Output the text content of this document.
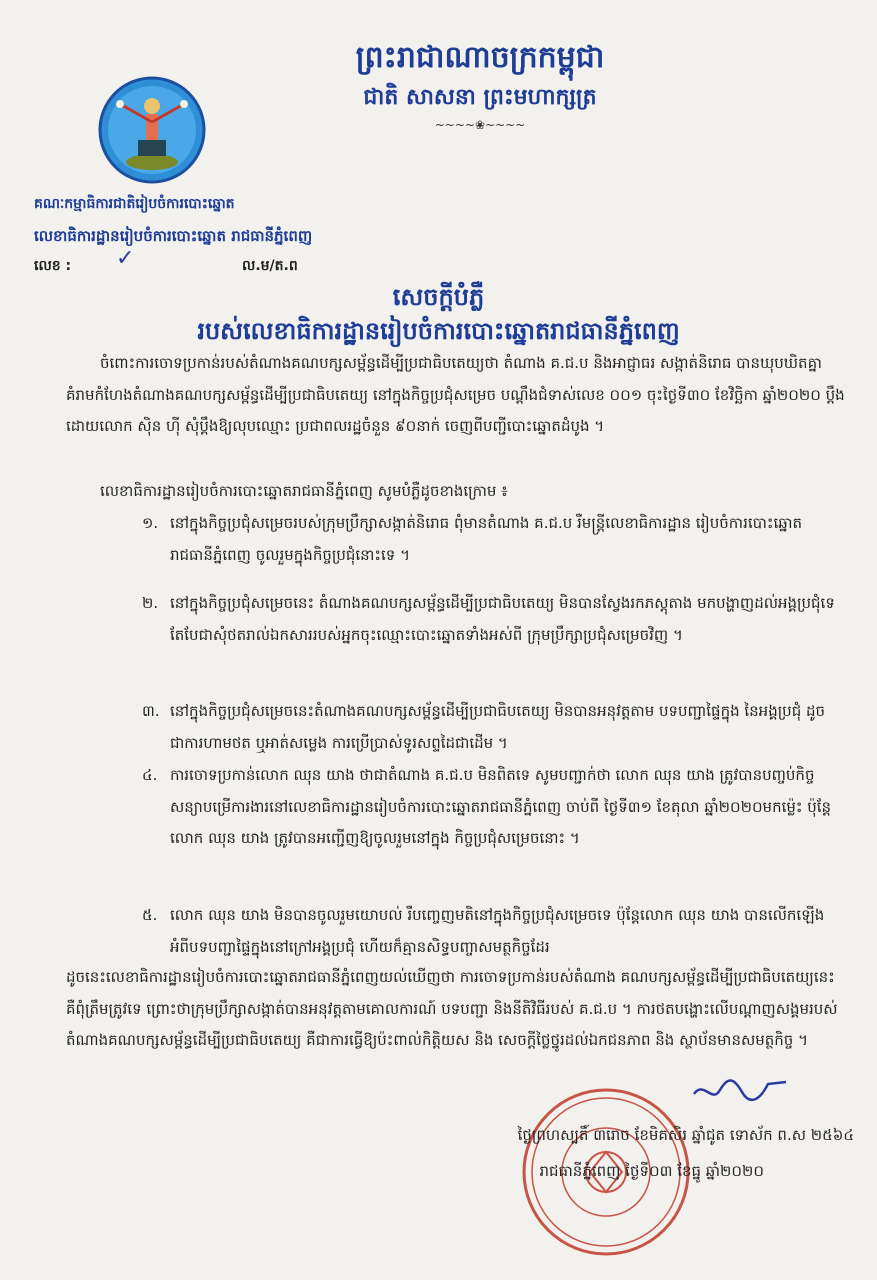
ព្រះរាជាណាចក្រកម្ពុជា
ជាតិ សាសនា ព្រះមហាក្សត្រ
~~~~❀~~~~
គណៈកម្មាធិការជាតិរៀបចំការបោះឆ្នោត
លេខាធិការដ្ឋានរៀបចំការបោះឆ្នោត រាជធានីភ្នំពេញ
លេខ : ✓	ល.ម/ត.ព
សេចក្តីបំភ្លឺ
របស់លេខាធិការដ្ឋានរៀបចំការបោះឆ្នោតរាជធានីភ្នំពេញ
ចំពោះការចោទប្រកាន់របស់តំណាងគណបក្សសម្ព័ន្ធដើម្បីប្រជាធិបតេយ្យថា តំណាង គ.ជ.ប និងអាជ្ញាធរ សង្កាត់និរោធ បានឃុបឃិតគ្នាគំរាមកំហែងតំណាងគណបក្សសម្ព័ន្ធដើម្បីប្រជាធិបតេយ្យ នៅក្នុងកិច្ចប្រជុំសម្រេច បណ្តឹងជំទាស់លេខ ០០១ ចុះថ្ងៃទី៣០ ខែវិច្ឆិកា ឆ្នាំ២០២០ ប្តឹងដោយលោក ស៊ិន ហ៊ី សុំប្តឹងឱ្យលុបឈ្មោះ ប្រជាពលរដ្ឋចំនួន ៩០នាក់ ចេញពីបញ្ជីបោះឆ្នោតដំបូង ។
លេខាធិការដ្ឋានរៀបចំការបោះឆ្នោតរាជធានីភ្នំពេញ សូមបំភ្លឺដូចខាងក្រោម ៖
១. នៅក្នុងកិច្ចប្រជុំសម្រេចរបស់ក្រុមប្រឹក្សាសង្កាត់និរោធ ពុំមានតំណាង គ.ជ.ប រឺមន្ត្រីលេខាធិការដ្ឋាន រៀបចំការបោះឆ្នោតរាជធានីភ្នំពេញ ចូលរួមក្នុងកិច្ចប្រជុំនោះទេ ។
២. នៅក្នុងកិច្ចប្រជុំសម្រេចនេះ តំណាងគណបក្សសម្ព័ន្ធដើម្បីប្រជាធិបតេយ្យ មិនបានស្វែងរកភស្តុតាង មកបង្ហាញដល់អង្គប្រជុំទេ តែបែជាសុំថតរាល់ឯកសាររបស់អ្នកចុះឈ្មោះបោះឆ្នោតទាំងអស់ពី ក្រុមប្រឹក្សាប្រជុំសម្រេចវិញ ។
៣. នៅក្នុងកិច្ចប្រជុំសម្រេចនេះតំណាងគណបក្សសម្ព័ន្ធដើម្បីប្រជាធិបតេយ្យ មិនបានអនុវត្តតាម បទបញ្ជាផ្ទៃក្នុង នៃអង្គប្រជុំ ដូចជាការហាមថត ឬអាត់សម្លេង ការប្រើប្រាស់ទូរសព្ទដៃជាដើម ។
៤. ការចោទប្រកាន់លោក ឈុន យាង ថាជាតំណាង គ.ជ.ប មិនពិតទេ សូមបញ្ជាក់ថា លោក ឈុន យាង ត្រូវបានបញ្ចប់កិច្ចសន្យាបម្រើការងារនៅលេខាធិការដ្ឋានរៀបចំការបោះឆ្នោតរាជធានីភ្នំពេញ ចាប់ពី ថ្ងៃទី៣១ ខែតុលា ឆ្នាំ២០២០មកម្ល៉េះ ប៉ុន្តែលោក ឈុន យាង ត្រូវបានអញ្ជើញឱ្យចូលរួមនៅក្នុង កិច្ចប្រជុំសម្រេចនោះ ។
៥. លោក ឈុន យាង មិនបានចូលរួមយោបល់ រឺបញ្ចេញមតិនៅក្នុងកិច្ចប្រជុំសម្រេចទេ ប៉ុន្តែលោក ឈុន យាង បានលើកឡើងអំពីបទបញ្ជាផ្ទៃក្នុងនៅក្រៅអង្គប្រជុំ ហើយក៏គ្មានសិទ្ធបញ្ចាសមត្ថកិច្ចដែរ
ដូចនេះលេខាធិការដ្ឋានរៀបចំការបោះឆ្នោតរាជធានីភ្នំពេញយល់ឃើញថា ការចោទប្រកាន់របស់តំណាង គណបក្សសម្ព័ន្ធដើម្បីប្រជាធិបតេយ្យនេះ គឺពុំត្រឹមត្រូវទេ ព្រោះថាក្រុមប្រឹក្សាសង្កាត់បានអនុវត្តតាមគោលការណ៍ បទបញ្ជា និងនីតិវិធីរបស់ គ.ជ.ប ។ ការថតបង្ហោះលើបណ្តាញសង្គមរបស់តំណាងគណបក្សសម្ព័ន្ធដើម្បីប្រជាធិបតេយ្យ គឺជាការធ្វើឱ្យប៉ះពាល់កិត្តិយស និង សេចក្តីថ្លៃថ្នូរដល់ឯកជនភាព និង ស្ថាប័នមានសមត្ថកិច្ច ។
ថ្ងៃព្រហស្បតិ៍ ៣រោច ខែមិគសិរ ឆ្នាំជូត ទោស័ក ព.ស ២៥៦៤
រាជធានីភ្នំពេញ ថ្ងៃទី០៣ ខែធ្នូ ឆ្នាំ២០២០
